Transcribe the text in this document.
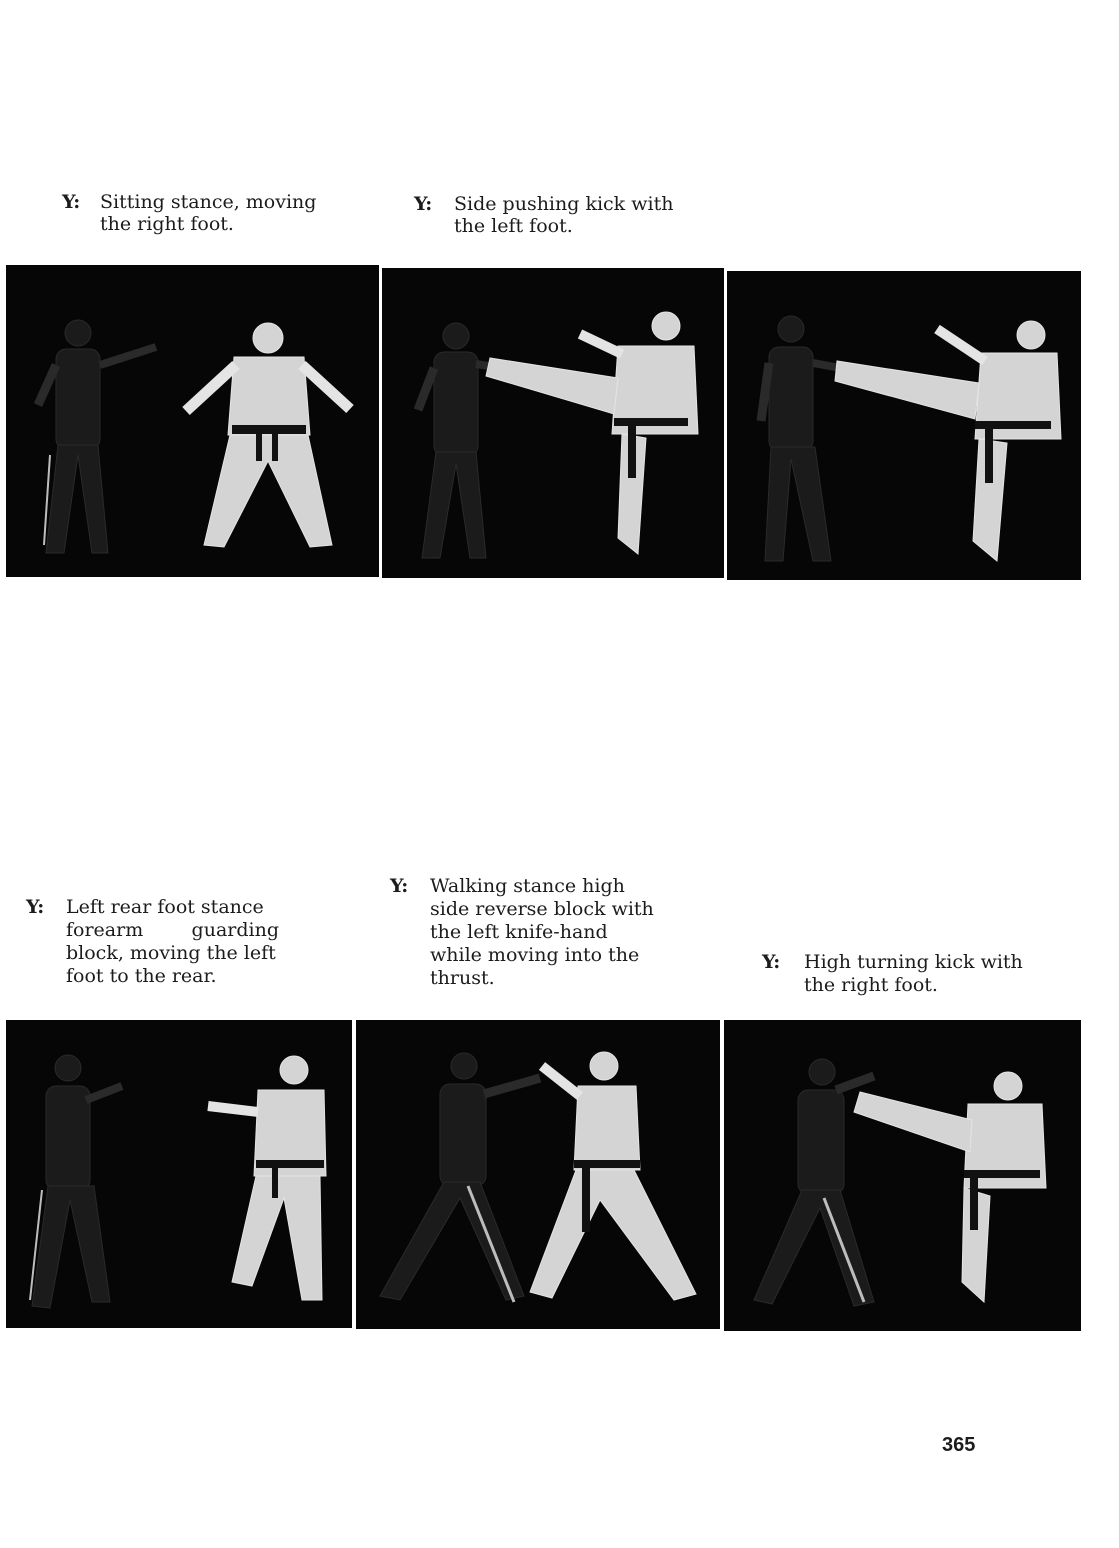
Y: Sitting stance, moving
the right foot.
Y: Side pushing kick with
the left foot.
Y: Left rear foot stance
forearm        guarding
block, moving the left
foot to the rear.
Y: Walking stance high
side reverse block with
the left knife-hand
while moving into the
thrust.
Y: High turning kick with
the right foot.
365
